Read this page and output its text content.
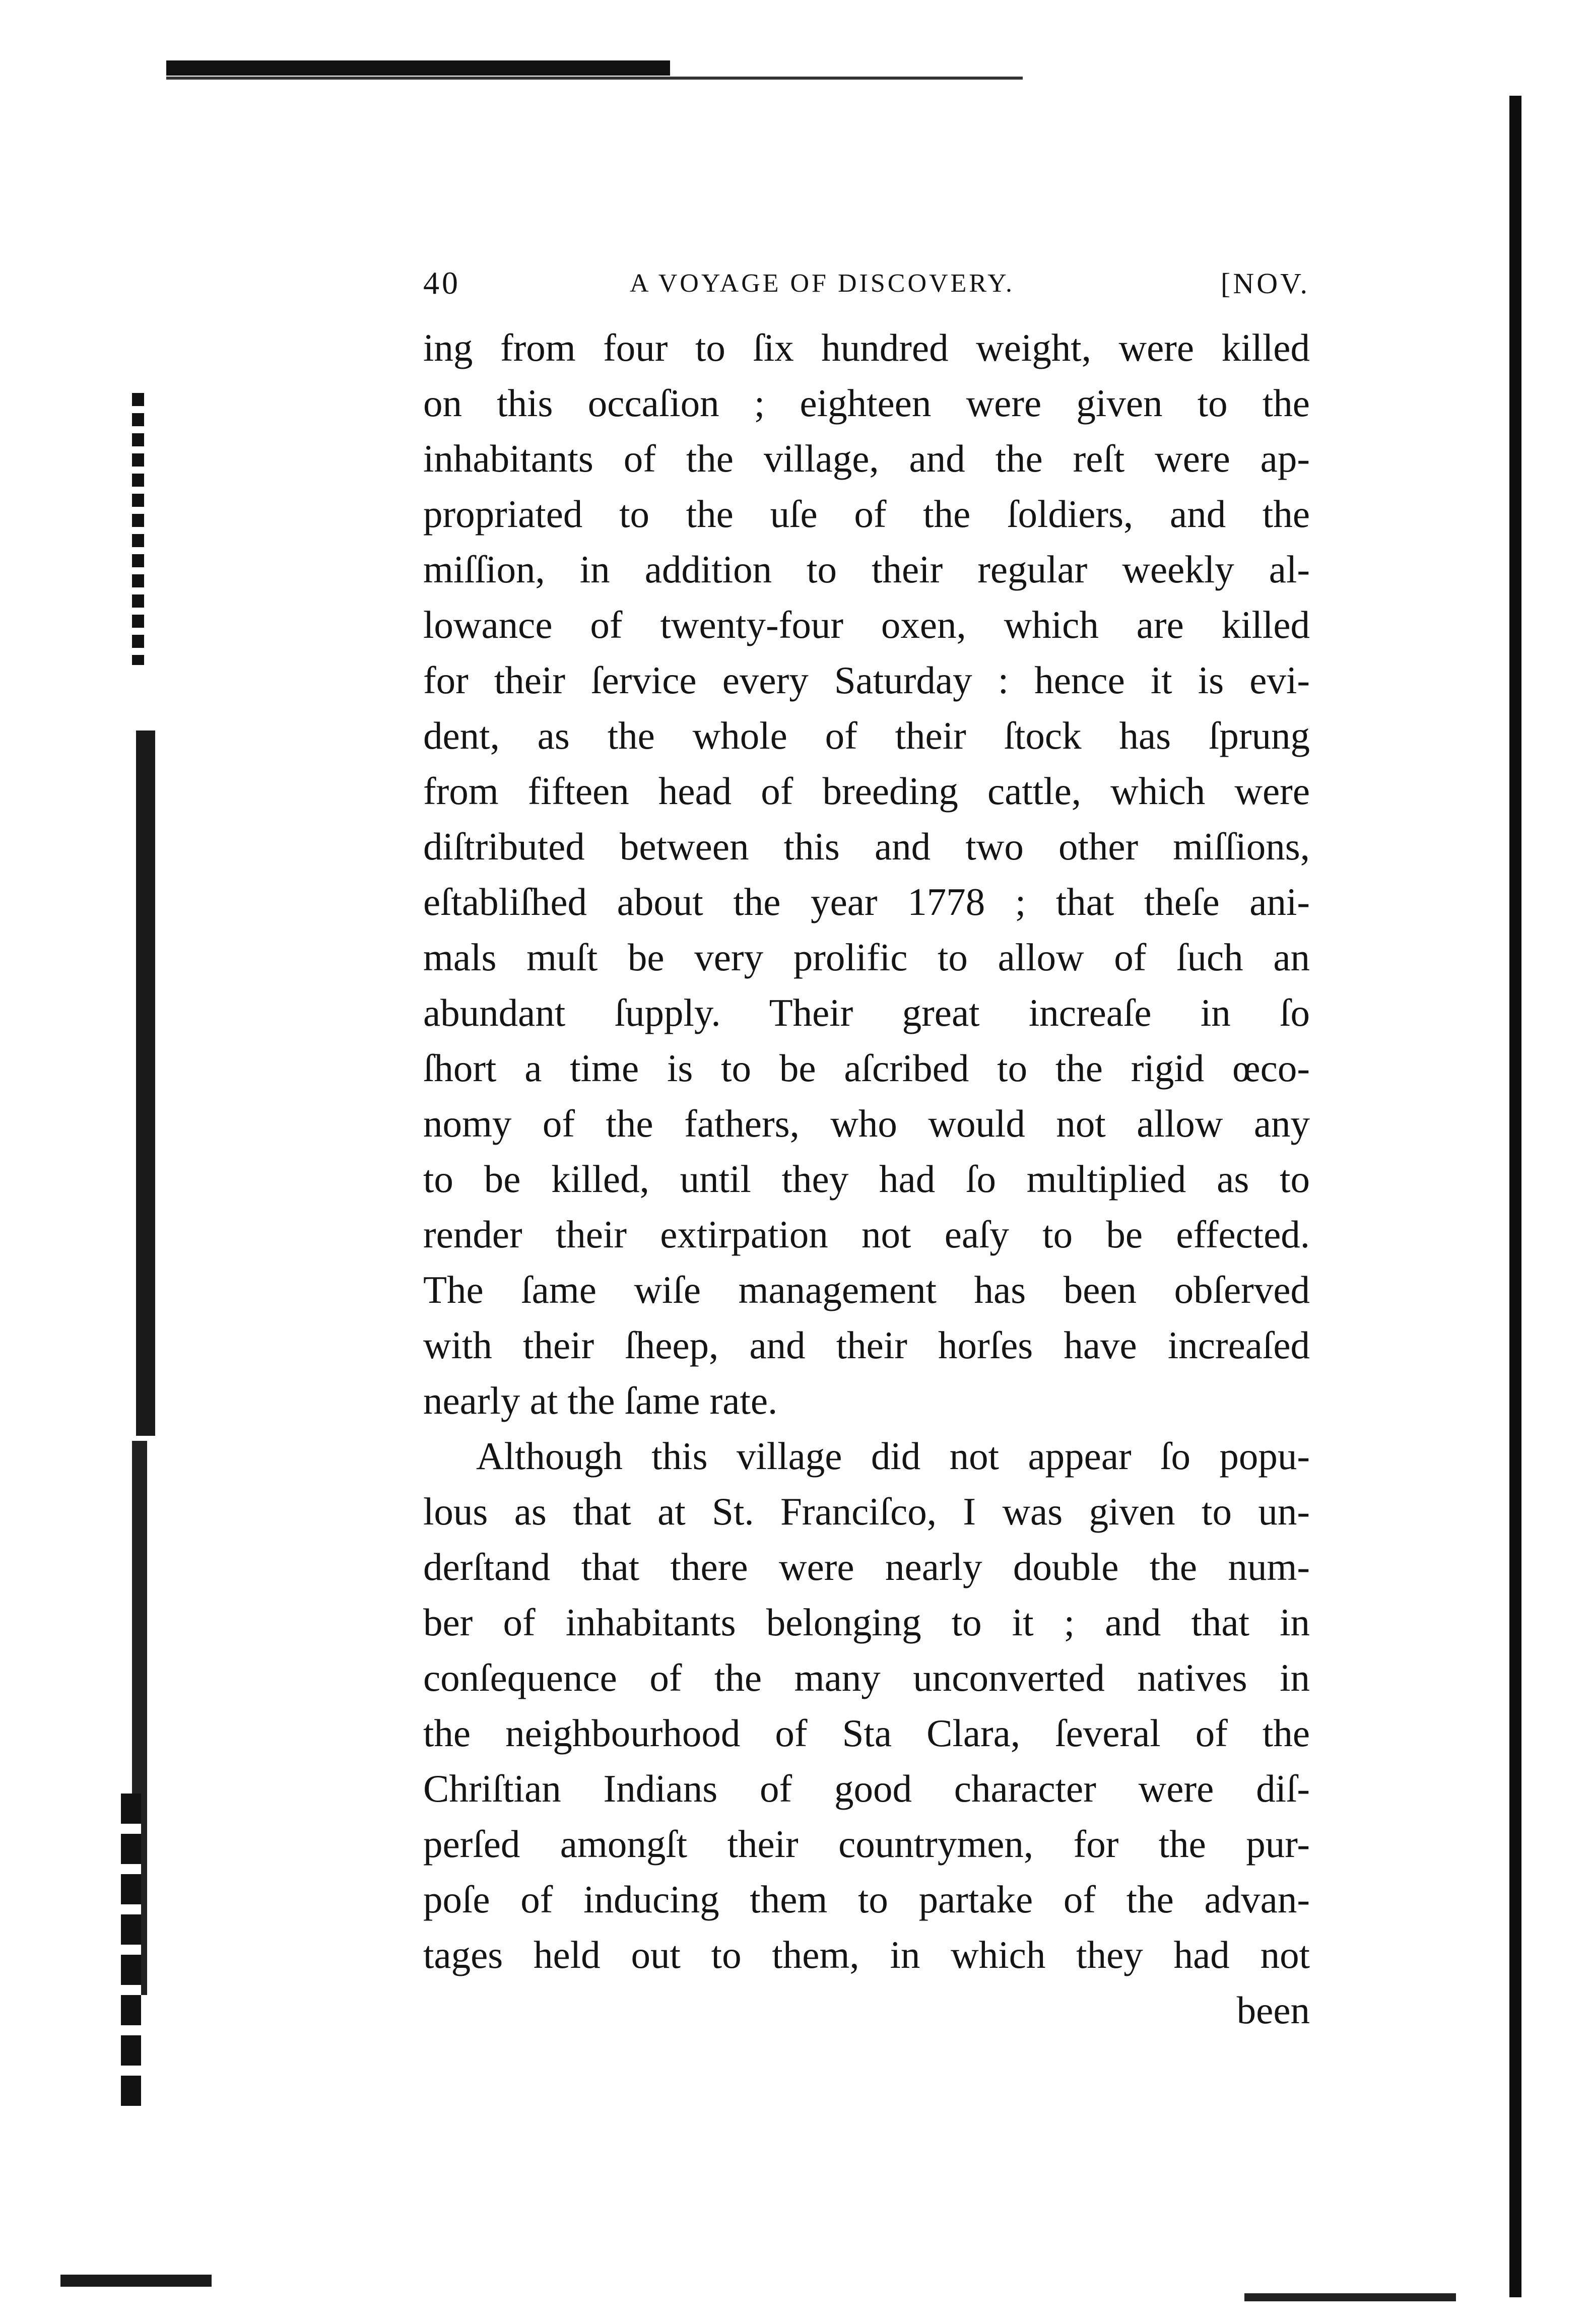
40	A VOYAGE OF DISCOVERY.	[NOV.
ing from four to ſix hundred weight, were killed
on this occaſion ; eighteen were given to the
inhabitants of the village, and the reſt were ap-
propriated to the uſe of the ſoldiers, and the
miſſion, in addition to their regular weekly al-
lowance of twenty-four oxen, which are killed
for their ſervice every Saturday : hence it is evi-
dent, as the whole of their ſtock has ſprung
from fifteen head of breeding cattle, which were
diſtributed between this and two other miſſions,
eſtabliſhed about the year 1778 ; that theſe ani-
mals muſt be very prolific to allow of ſuch an
abundant ſupply. Their great increaſe in ſo
ſhort a time is to be aſcribed to the rigid œco-
nomy of the fathers, who would not allow any
to be killed, until they had ſo multiplied as to
render their extirpation not eaſy to be effected.
The ſame wiſe management has been obſerved
with their ſheep, and their horſes have increaſed
nearly at the ſame rate.
Although this village did not appear ſo popu-
lous as that at St. Franciſco, I was given to un-
derſtand that there were nearly double the num-
ber of inhabitants belonging to it ; and that in
conſequence of the many unconverted natives in
the neighbourhood of Sta Clara, ſeveral of the
Chriſtian Indians of good character were diſ-
perſed amongſt their countrymen, for the pur-
poſe of inducing them to partake of the advan-
tages held out to them, in which they had not
been
